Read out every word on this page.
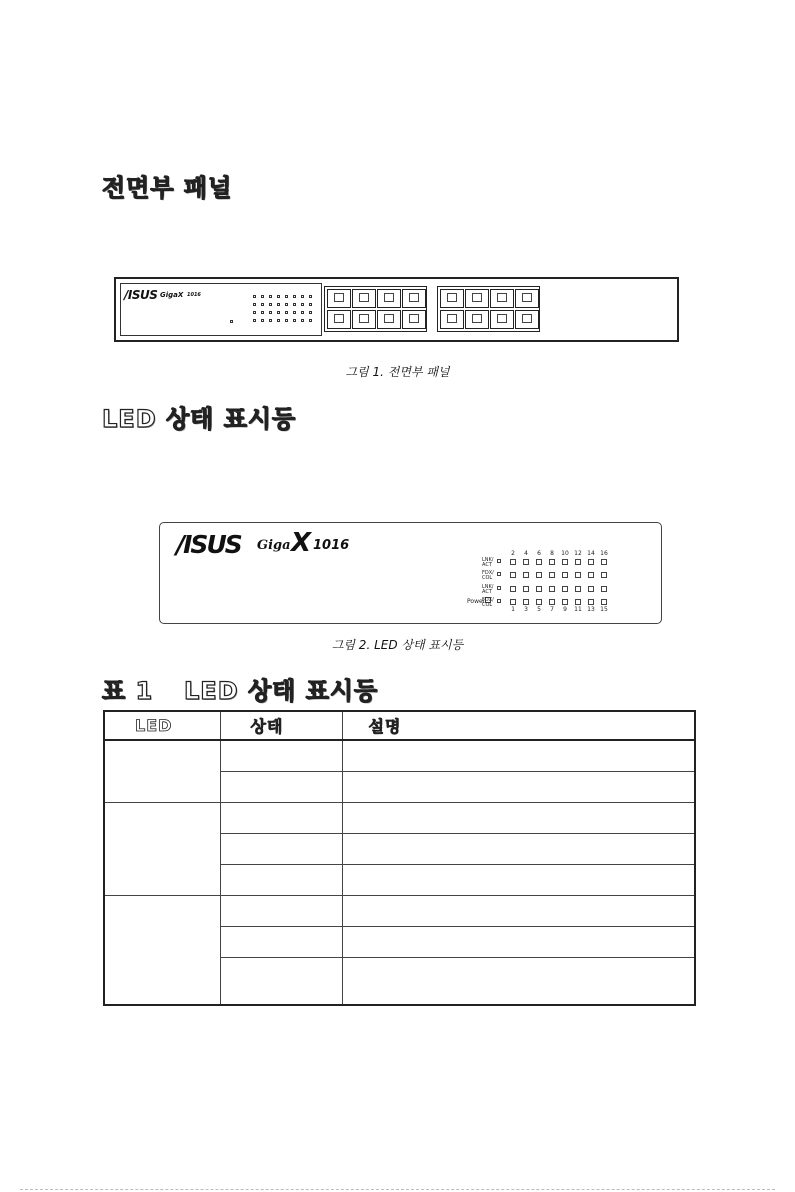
전면부 패널
/ISUS GigaX 1016
그림 1. 전면부 패널
LED 상태 표시등
/ISUS Giga X 1016
Power
LNK/ ACT
FDX/ COL
LNK/ ACT
FDX/ COL
2	4	6	8	10 12 14 16
1	3	5	7	9	11 13 15
그림 2. LED 상태 표시등
표 1 LED 상태 표시등
LED	상태	설명
